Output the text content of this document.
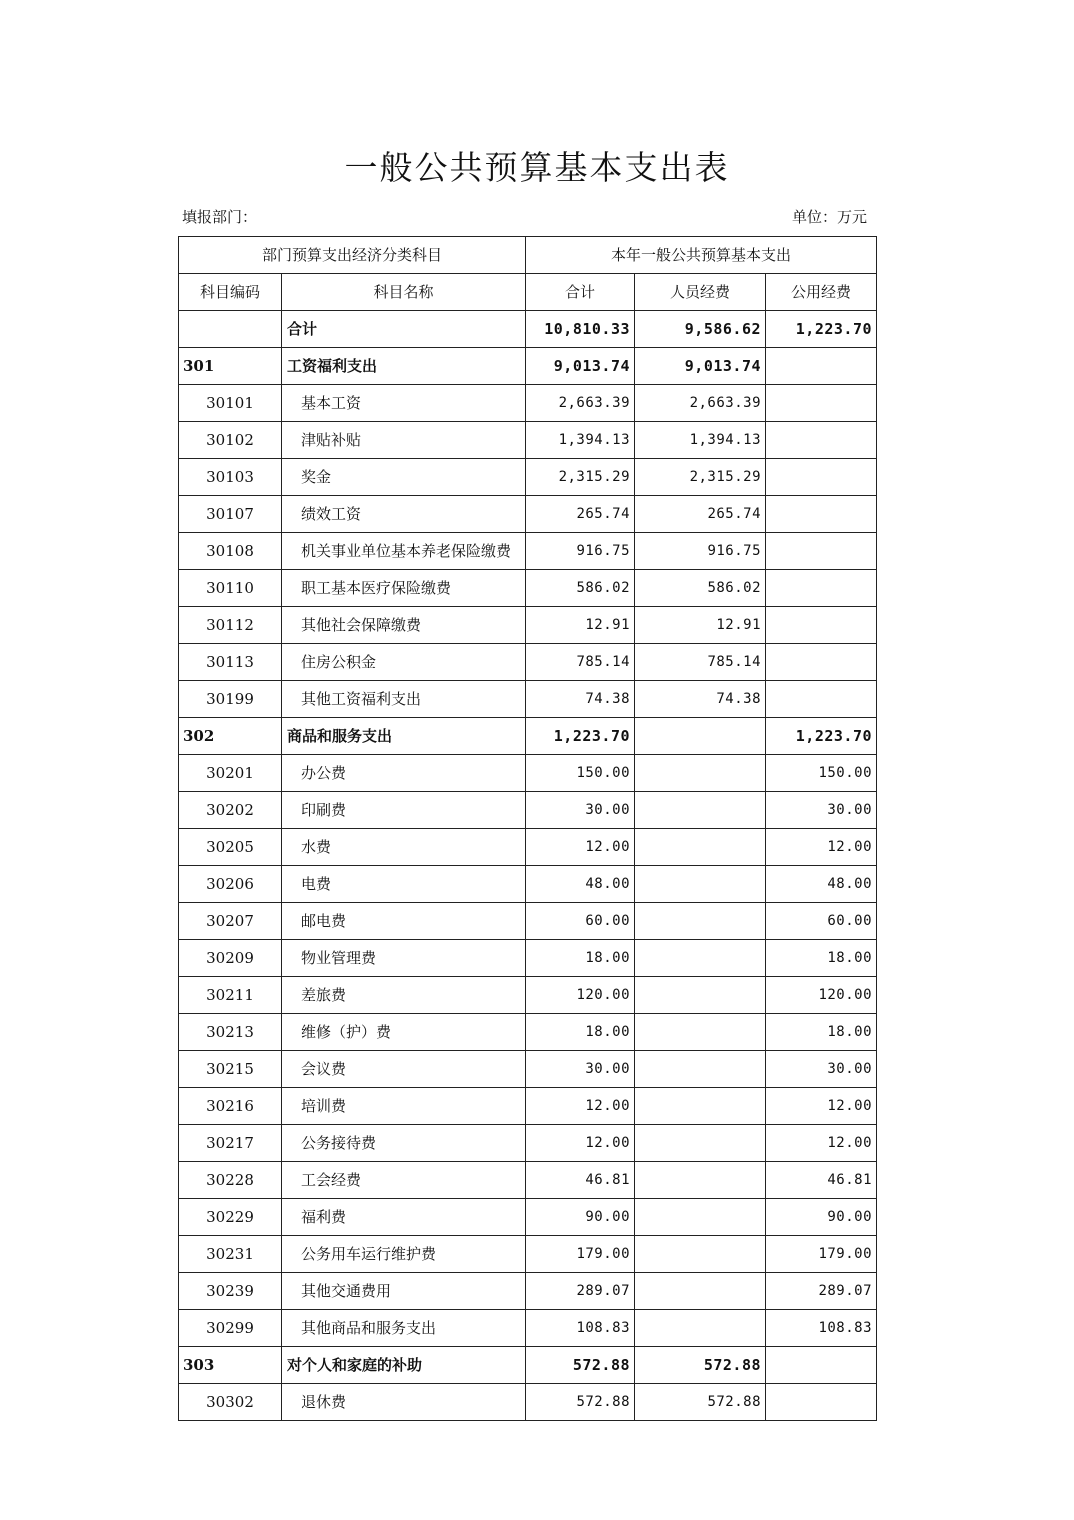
一般公共预算基本支出表
填报部门：	单位：万元
部门预算支出经济分类科目		本年一般公共预算基本支出		
科目编码	科目名称	合计	人员经费	公用经费
	合计	10,810.33	9,586.62	1,223.70
301	工资福利支出	9,013.74	9,013.74	
30101	基本工资	2,663.39	2,663.39	
30102	津贴补贴	1,394.13	1,394.13	
30103	奖金	2,315.29	2,315.29	
30107	绩效工资	265.74	265.74	
30108	机关事业单位基本养老保险缴费	916.75	916.75	
30110	职工基本医疗保险缴费	586.02	586.02	
30112	其他社会保障缴费	12.91	12.91	
30113	住房公积金	785.14	785.14	
30199	其他工资福利支出	74.38	74.38	
302	商品和服务支出	1,223.70		1,223.70
30201	办公费	150.00		150.00
30202	印刷费	30.00		30.00
30205	水费	12.00		12.00
30206	电费	48.00		48.00
30207	邮电费	60.00		60.00
30209	物业管理费	18.00		18.00
30211	差旅费	120.00		120.00
30213	维修（护）费	18.00		18.00
30215	会议费	30.00		30.00
30216	培训费	12.00		12.00
30217	公务接待费	12.00		12.00
30228	工会经费	46.81		46.81
30229	福利费	90.00		90.00
30231	公务用车运行维护费	179.00		179.00
30239	其他交通费用	289.07		289.07
30299	其他商品和服务支出	108.83		108.83
303	对个人和家庭的补助	572.88	572.88	
30302	退休费	572.88	572.88	
